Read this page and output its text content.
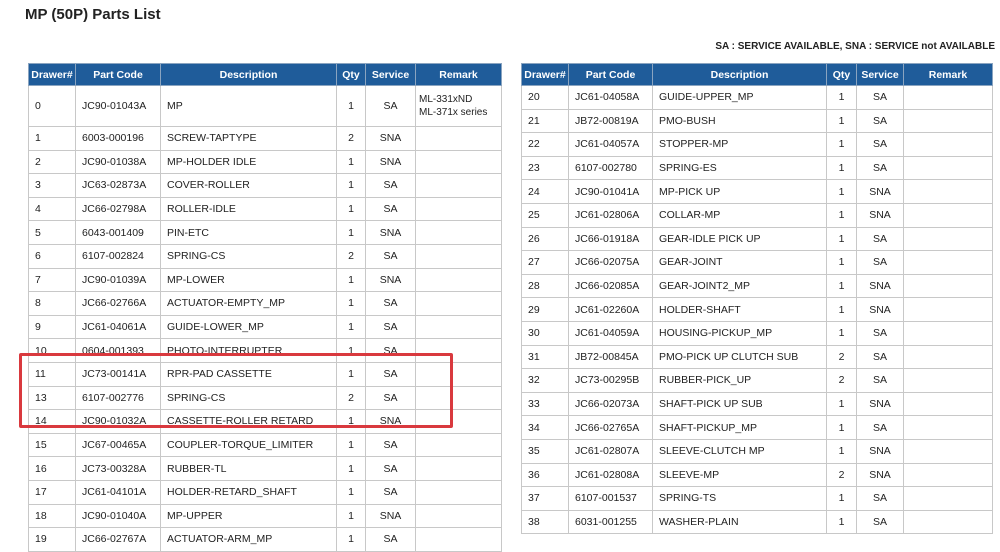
MP (50P) Parts List
SA : SERVICE AVAILABLE, SNA : SERVICE not AVAILABLE
Drawer#	Part Code	Description	Qty	Service	Remark
0	JC90-01043A	MP	1	SA	ML-331xND
ML-371x series

1	6003-000196	SCREW-TAPTYPE	2	SNA	
2	JC90-01038A	MP-HOLDER IDLE	1	SNA	
3	JC63-02873A	COVER-ROLLER	1	SA	
4	JC66-02798A	ROLLER-IDLE	1	SA	
5	6043-001409	PIN-ETC	1	SNA	
6	6107-002824	SPRING-CS	2	SA	
7	JC90-01039A	MP-LOWER	1	SNA	
8	JC66-02766A	ACTUATOR-EMPTY_MP	1	SA	
9	JC61-04061A	GUIDE-LOWER_MP	1	SA	
10	0604-001393	PHOTO-INTERRUPTER	1	SA	
11	JC73-00141A	RPR-PAD CASSETTE	1	SA	
13	6107-002776	SPRING-CS	2	SA	
14	JC90-01032A	CASSETTE-ROLLER RETARD	1	SNA	
15	JC67-00465A	COUPLER-TORQUE_LIMITER	1	SA	
16	JC73-00328A	RUBBER-TL	1	SA	
17	JC61-04101A	HOLDER-RETARD_SHAFT	1	SA	
18	JC90-01040A	MP-UPPER	1	SNA	
19	JC66-02767A	ACTUATOR-ARM_MP	1	SA	
Drawer#	Part Code	Description	Qty	Service	Remark
20	JC61-04058A	GUIDE-UPPER_MP	1	SA	
21	JB72-00819A	PMO-BUSH	1	SA	
22	JC61-04057A	STOPPER-MP	1	SA	
23	6107-002780	SPRING-ES	1	SA	
24	JC90-01041A	MP-PICK UP	1	SNA	
25	JC61-02806A	COLLAR-MP	1	SNA	
26	JC66-01918A	GEAR-IDLE PICK UP	1	SA	
27	JC66-02075A	GEAR-JOINT	1	SA	
28	JC66-02085A	GEAR-JOINT2_MP	1	SNA	
29	JC61-02260A	HOLDER-SHAFT	1	SNA	
30	JC61-04059A	HOUSING-PICKUP_MP	1	SA	
31	JB72-00845A	PMO-PICK UP CLUTCH SUB	2	SA	
32	JC73-00295B	RUBBER-PICK_UP	2	SA	
33	JC66-02073A	SHAFT-PICK UP SUB	1	SNA	
34	JC66-02765A	SHAFT-PICKUP_MP	1	SA	
35	JC61-02807A	SLEEVE-CLUTCH MP	1	SNA	
36	JC61-02808A	SLEEVE-MP	2	SNA	
37	6107-001537	SPRING-TS	1	SA	
38	6031-001255	WASHER-PLAIN	1	SA	
